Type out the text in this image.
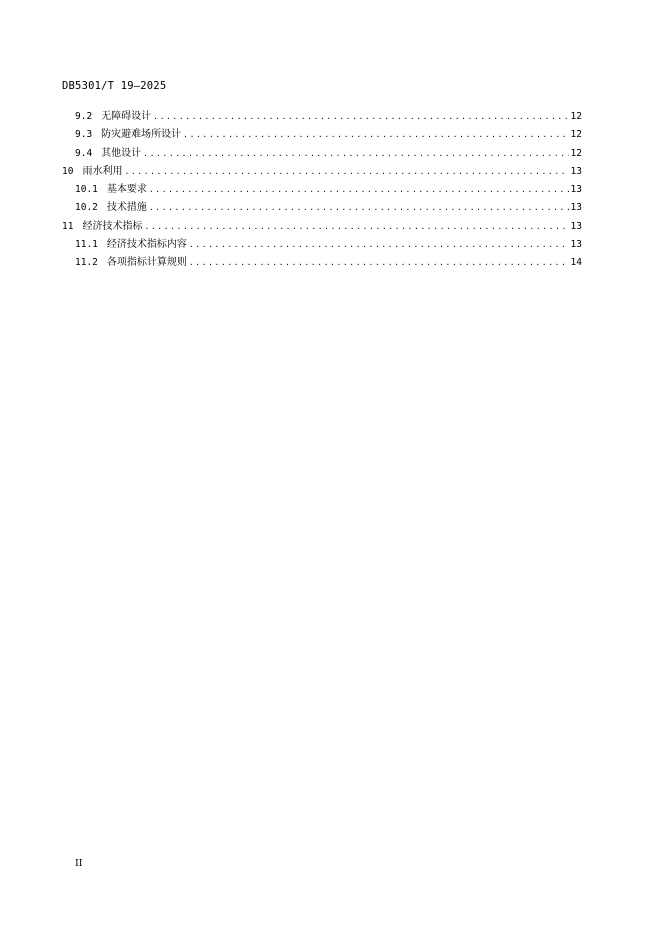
DB5301/T 19—2025
9.2 无障碍设计 .....	12
9.3 防灾避难场所设计 .....	12
9.4 其他设计 .....	12
10 雨水利用 .....	13
10.1 基本要求 .....	13
10.2 技术措施 .....	13
11 经济技术指标 .....	13
11.1 经济技术指标内容 .....	13
11.2 各项指标计算规则 .....	14
II
